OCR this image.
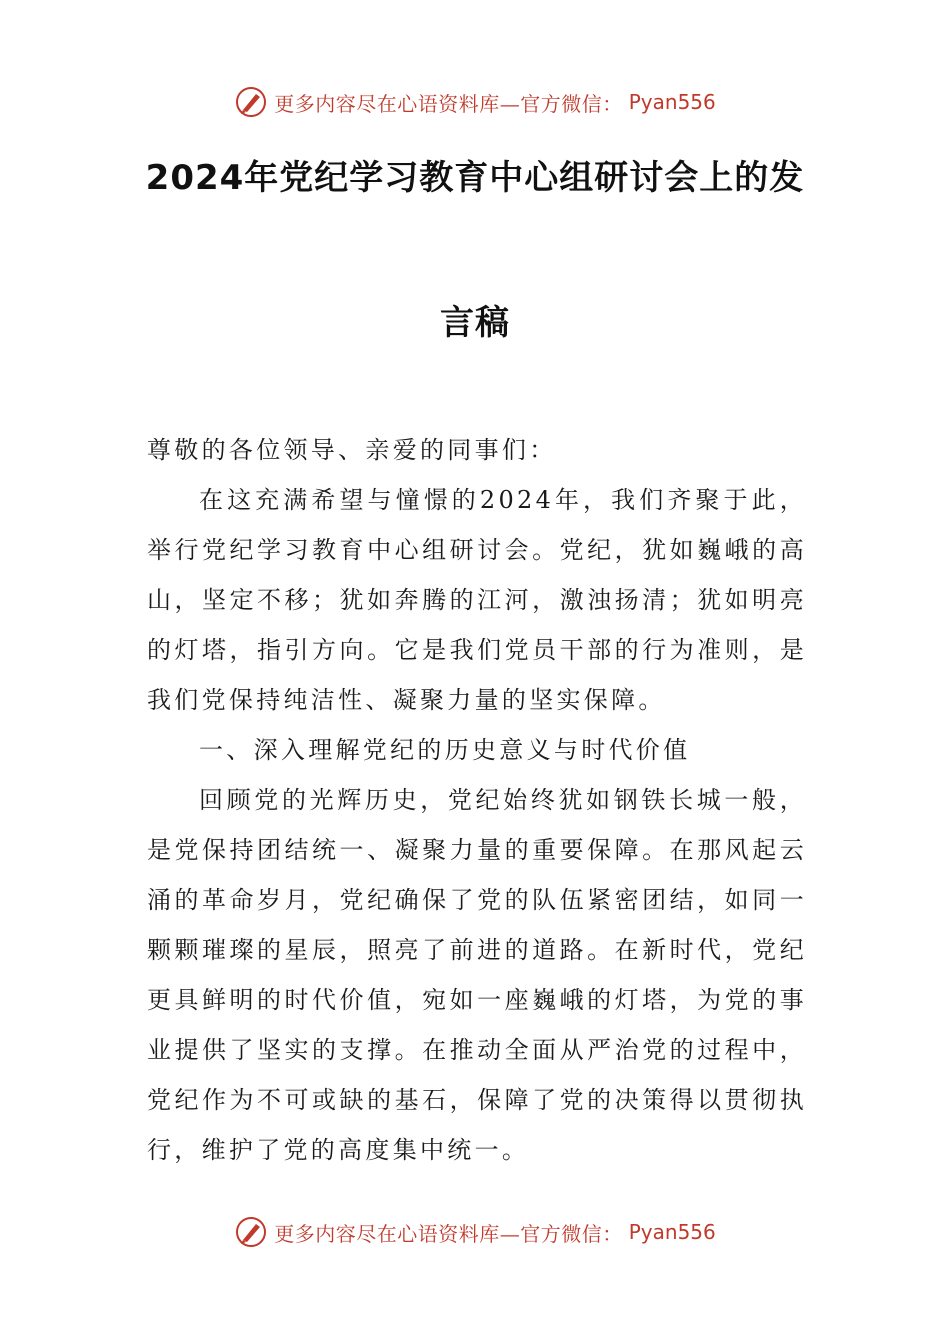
更多内容尽在心语资料库—官方微信： Pyan556
2024年党纪学习教育中心组研讨会上的发
言稿

尊敬的各位领导、亲爱的同事们：

在这充满希望与憧憬的2024年，我们齐聚于此，举行党纪学习教育中心组研讨会。党纪，犹如巍峨的高山，坚定不移；犹如奔腾的江河，激浊扬清；犹如明亮的灯塔，指引方向。它是我们党员干部的行为准则，是我们党保持纯洁性、凝聚力量的坚实保障。

一、深入理解党纪的历史意义与时代价值

回顾党的光辉历史，党纪始终犹如钢铁长城一般，是党保持团结统一、凝聚力量的重要保障。在那风起云涌的革命岁月，党纪确保了党的队伍紧密团结，如同一颗颗璀璨的星辰，照亮了前进的道路。在新时代，党纪更具鲜明的时代价值，宛如一座巍峨的灯塔，为党的事业提供了坚实的支撑。在推动全面从严治党的过程中，党纪作为不可或缺的基石，保障了党的决策得以贯彻执行，维护了党的高度集中统一。

更多内容尽在心语资料库—官方微信： Pyan556
